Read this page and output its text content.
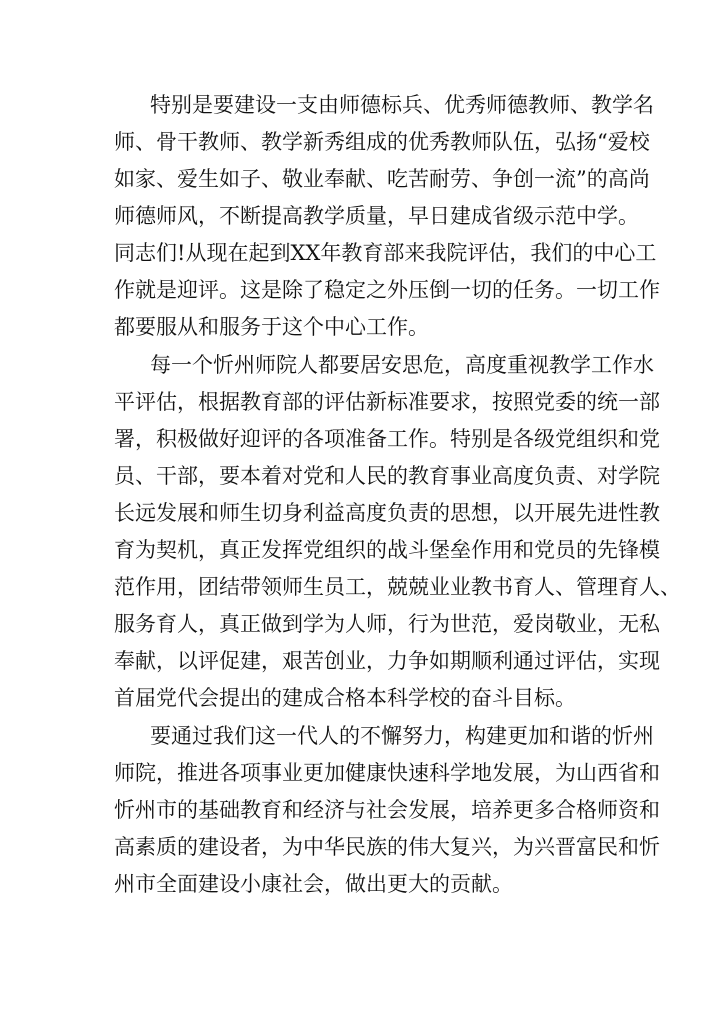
特别是要建设一支由师德标兵、优秀师德教师、教学名
师、骨干教师、教学新秀组成的优秀教师队伍，弘扬“爱校
如家、爱生如子、敬业奉献、吃苦耐劳、争创一流”的高尚
师德师风，不断提高教学质量，早日建成省级示范中学。
同志们!从现在起到XX年教育部来我院评估，我们的中心工
作就是迎评。这是除了稳定之外压倒一切的任务。一切工作
都要服从和服务于这个中心工作。
每一个忻州师院人都要居安思危，高度重视教学工作水
平评估，根据教育部的评估新标准要求，按照党委的统一部
署，积极做好迎评的各项准备工作。特别是各级党组织和党
员、干部，要本着对党和人民的教育事业高度负责、对学院
长远发展和师生切身利益高度负责的思想，以开展先进性教
育为契机，真正发挥党组织的战斗堡垒作用和党员的先锋模
范作用，团结带领师生员工，兢兢业业教书育人、管理育人、
服务育人，真正做到学为人师，行为世范，爱岗敬业，无私
奉献，以评促建，艰苦创业，力争如期顺利通过评估，实现
首届党代会提出的建成合格本科学校的奋斗目标。
要通过我们这一代人的不懈努力，构建更加和谐的忻州
师院，推进各项事业更加健康快速科学地发展，为山西省和
忻州市的基础教育和经济与社会发展，培养更多合格师资和
高素质的建设者，为中华民族的伟大复兴，为兴晋富民和忻
州市全面建设小康社会，做出更大的贡献。
